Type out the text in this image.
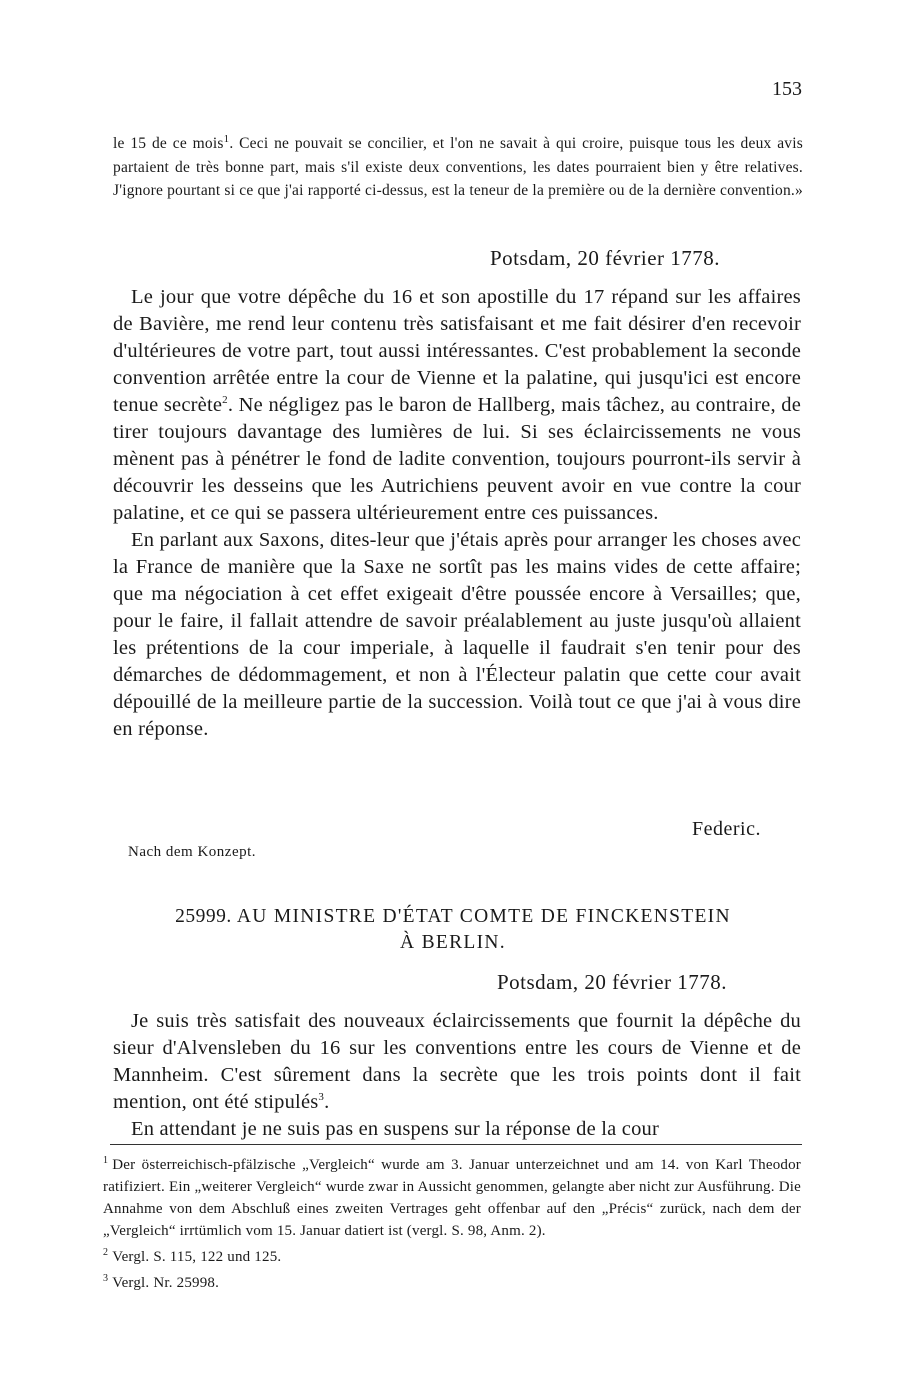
153
le 15 de ce mois$^1$. Ceci ne pouvait se concilier, et l'on ne savait à qui croire, puisque tous les deux avis partaient de très bonne part, mais s'il existe deux conventions, les dates pourraient bien y être relatives. J'ignore pourtant si ce que j'ai rapporté ci-dessus, est la teneur de la première ou de la dernière convention.»
Potsdam, 20 février 1778.

Le jour que votre dépêche du 16 et son apostille du 17 répand sur les affaires de Bavière, me rend leur contenu très satisfaisant et me fait désirer d'en recevoir d'ultérieures de votre part, tout aussi intéressantes. C'est probablement la seconde convention arrêtée entre la cour de Vienne et la palatine, qui jusqu'ici est encore tenue secrète$^2$. Ne négligez pas le baron de Hallberg, mais tâchez, au contraire, de tirer toujours davantage des lumières de lui. Si ses éclaircissements ne vous mènent pas à pénétrer le fond de ladite convention, toujours pourront-ils servir à découvrir les desseins que les Autrichiens peuvent avoir en vue contre la cour palatine, et ce qui se passera ultérieurement entre ces puissances.

En parlant aux Saxons, dites-leur que j'étais après pour arranger les choses avec la France de manière que la Saxe ne sortît pas les mains vides de cette affaire; que ma négociation à cet effet exigeait d'être poussée encore à Versailles; que, pour le faire, il fallait attendre de savoir préalablement au juste jusqu'où allaient les prétentions de la cour imperiale, à laquelle il faudrait s'en tenir pour des démarches de dédommagement, et non à l'Électeur palatin que cette cour avait dépouillé de la meilleure partie de la succession. Voilà tout ce que j'ai à vous dire en réponse.

Federic.
Nach dem Konzept.
25999. AU MINISTRE D'ÉTAT COMTE DE FINCKENSTEIN
À BERLIN.
Potsdam, 20 février 1778.

Je suis très satisfait des nouveaux éclaircissements que fournit la dépêche du sieur d'Alvensleben du 16 sur les conventions entre les cours de Vienne et de Mannheim. C'est sûrement dans la secrète que les trois points dont il fait mention, ont été stipulés$^3$.

En attendant je ne suis pas en suspens sur la réponse de la cour

$^1$ Der österreichisch-pfälzische „Vergleich“ wurde am 3. Januar unterzeichnet und am 14. von Karl Theodor ratifiziert. Ein „weiterer Vergleich“ wurde zwar in Aussicht genommen, gelangte aber nicht zur Ausführung. Die Annahme von dem Abschluß eines zweiten Vertrages geht offenbar auf den „Précis“ zurück, nach dem der „Vergleich“ irrtümlich vom 15. Januar datiert ist (vergl. S. 98, Anm. 2).

$^2$ Vergl. S. 115, 122 und 125.

$^3$ Vergl. Nr. 25998.
